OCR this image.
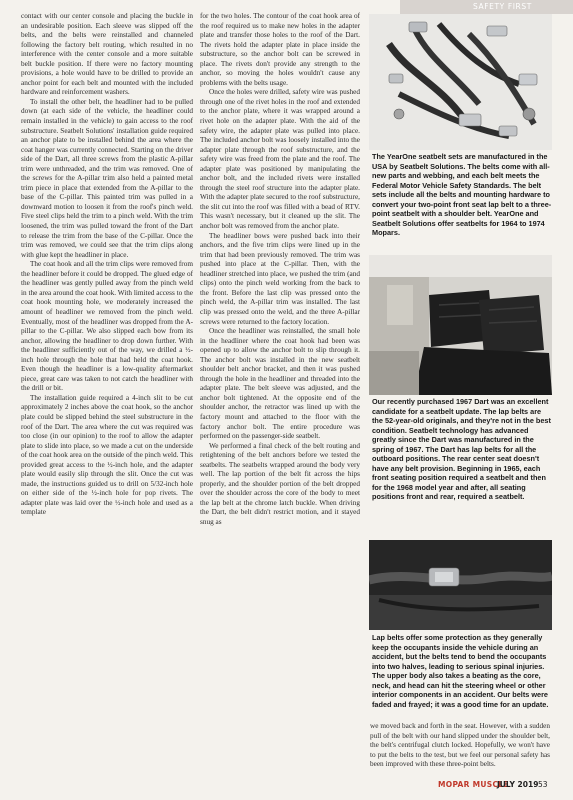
SAFETY FIRST

contact with our center console and placing the buckle in an undesirable position. Each sleeve was slipped off the belts, and the belts were reinstalled and channeled following the factory belt routing, which resulted in no interference with the center console and a more suitable belt buckle position. If there were no factory mounting provisions, a hole would have to be drilled to provide an anchor point for each belt and mounted with the included hardware and reinforcement washers.

To install the other belt, the headliner had to be pulled down (at each side of the vehicle, the headliner could remain installed in the vehicle) to gain access to the roof substructure. Seatbelt Solutions' installation guide required an anchor plate to be installed behind the area where the coat hanger was currently connected. Starting on the driver side of the Dart, all three screws from the plastic A-pillar trim were unthreaded, and the trim was removed. One of the screws for the A-pillar trim also held a painted metal trim piece in place that extended from the A-pillar to the base of the C-pillar. This painted trim was pulled in a downward motion to loosen it from the roof's pinch weld. Five steel clips held the trim to a pinch weld. With the trim loosened, the trim was pulled toward the front of the Dart to release the trim from the base of the C-pillar. Once the trim was removed, we could see that the trim clips along with glue kept the headliner in place.

The coat hook and all the trim clips were removed from the headliner before it could be dropped. The glued edge of the headliner was gently pulled away from the pinch weld in the area around the coat hook. With limited access to the coat hook mounting hole, we moderately increased the amount of headliner we removed from the pinch weld. Eventually, most of the headliner was dropped from the A-pillar to the C-pillar. We also slipped each bow from its anchor, allowing the headliner to drop down further. With the headliner sufficiently out of the way, we drilled a ½-inch hole through the hole that had held the coat hook. Even though the headliner is a low-quality aftermarket piece, great care was taken to not catch the headliner with the drill or bit.

The installation guide required a 4-inch slit to be cut approximately 2 inches above the coat hook, so the anchor plate could be slipped behind the steel substructure in the roof of the Dart. The area where the cut was required was too close (in our opinion) to the roof to allow the adapter plate to slide into place, so we made a cut on the underside of the coat hook area on the outside of the pinch weld. This provided great access to the ½-inch hole, and the adapter plate would easily slip through the slit. Once the cut was made, the instructions guided us to drill on 5/32-inch hole on either side of the ½-inch hole for pop rivets. The adapter plate was laid over the ½-inch hole and used as a template

for the two holes. The contour of the coat hook area of the roof required us to make new holes in the adapter plate and transfer those holes to the roof of the Dart. The rivets hold the adapter plate in place inside the substructure, so the anchor bolt can be screwed in place. The rivets don't provide any strength to the anchor, so moving the holes wouldn't cause any problems with the belts usage.

Once the holes were drilled, safety wire was pushed through one of the rivet holes in the roof and extended to the anchor plate, where it was wrapped around a rivet hole on the adapter plate. With the aid of the safety wire, the adapter plate was pulled into place. The included anchor bolt was loosely installed into the adapter plate through the roof substructure, and the safety wire was freed from the plate and the roof. The adapter plate was positioned by manipulating the anchor bolt, and the included rivets were installed through the steel roof structure into the adapter plate. With the adapter plate secured to the roof substructure, the slit cut into the roof was filled with a bead of RTV. This wasn't necessary, but it cleaned up the slit. The anchor bolt was removed from the anchor plate.

The headliner bows were pushed back into their anchors, and the five trim clips were lined up in the trim that had been previously removed. The trim was pushed into place at the C-pillar. Then, with the headliner stretched into place, we pushed the trim (and clips) onto the pinch weld working from the back to the front. Before the last clip was pressed onto the pinch weld, the A-pillar trim was installed. The last clip was pressed onto the weld, and the three A-pillar screws were returned to the factory location.

Once the headliner was reinstalled, the small hole in the headliner where the coat hook had been was opened up to allow the anchor bolt to slip through it. The anchor bolt was installed in the new seatbelt shoulder belt anchor bracket, and then it was pushed through the hole in the headliner and threaded into the adapter plate. The belt sleeve was adjusted, and the anchor bolt tightened. At the opposite end of the shoulder anchor, the retractor was lined up with the factory mount and attached to the floor with the factory anchor bolt. The entire procedure was performed on the passenger-side seatbelt.

We performed a final check of the belt routing and retightening of the belt anchors before we tested the seatbelts. The seatbelts wrapped around the body very well. The lap portion of the belt fit across the hips properly, and the shoulder portion of the belt dropped over the shoulder across the core of the body to meet the lap belt at the chrome latch buckle. When driving the Dart, the belt didn't restrict motion, and it stayed snug as

The YearOne seatbelt sets are manufactured in the USA by Seatbelt Solutions. The belts come with all-new parts and webbing, and each belt meets the Federal Motor Vehicle Safety Standards. The belt sets include all the belts and mounting hardware to convert your two-point front seat lap belt to a three-point seatbelt with a shoulder belt. YearOne and Seatbelt Solutions offer seatbelts for 1964 to 1974 Mopars.
Our recently purchased 1967 Dart was an excellent candidate for a seatbelt update. The lap belts are the 52-year-old originals, and they're not in the best condition. Seatbelt technology has advanced greatly since the Dart was manufactured in the spring of 1967. The Dart has lap belts for all the outboard positions. The rear center seat doesn't have any belt provision. Beginning in 1965, each front seating position required a seatbelt and then for the 1968 model year and after, all seating positions front and rear, required a seatbelt.
Lap belts offer some protection as they generally keep the occupants inside the vehicle during an accident, but the belts tend to bend the occupants into two halves, leading to serious spinal injuries. The upper body also takes a beating as the core, neck, and head can hit the steering wheel or other interior components in an accident. Our belts were faded and frayed; it was a good time for an update.

we moved back and forth in the seat. However, with a sudden pull of the belt with our hand slipped under the shoulder belt, the belt's centrifugal clutch locked. Hopefully, we won't have to put the belts to the test, but we feel our personal safety has been improved with these three-point belts.

MOPAR MUSCLE
JULY 2019 53
